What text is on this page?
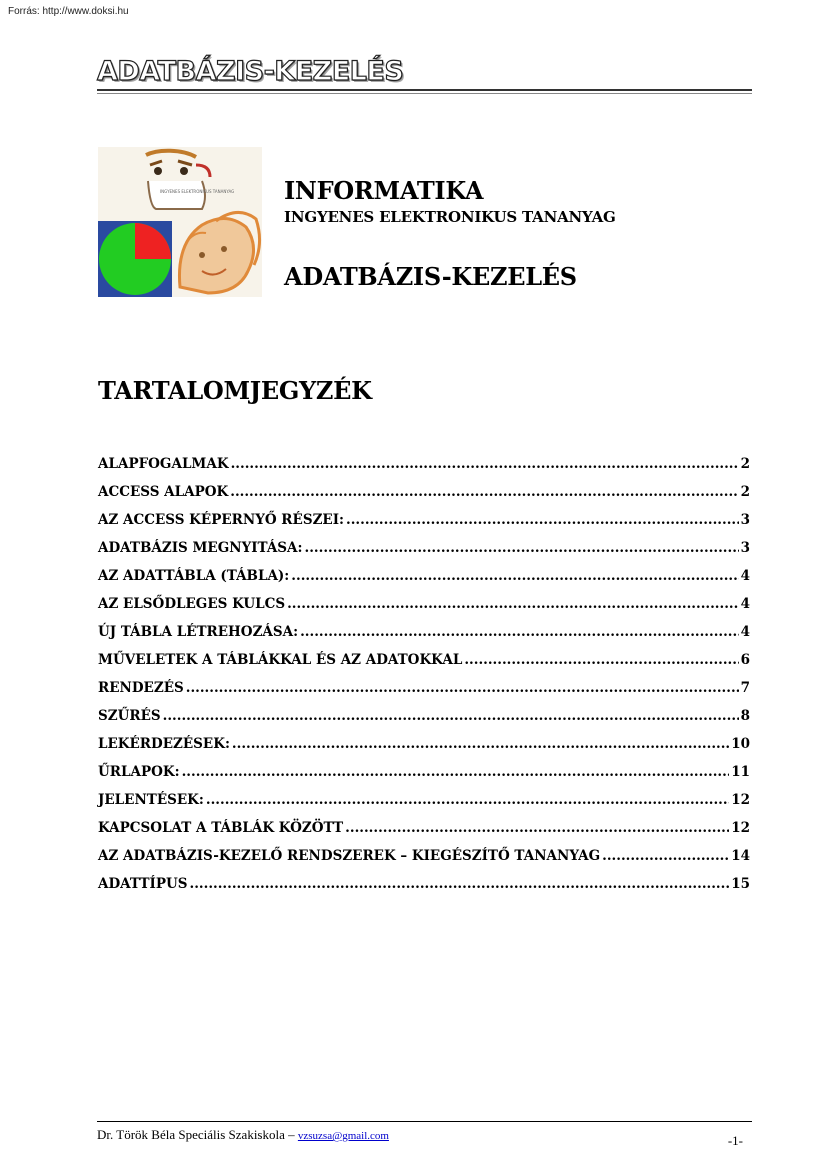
Forrás: http://www.doksi.hu
ADATBÁZIS-KEZELÉS
INGYENES ELEKTRONIKUS TANANYAG INFORMATIKA
INGYENES ELEKTRONIKUS TANANYAG
ADATBÁZIS-KEZELÉS
TARTALOMJEGYZÉK
ALAPFOGALMAK .....	2
ACCESS ALAPOK .....	2
AZ ACCESS KÉPERNYŐ RÉSZEI: .....	3
ADATBÁZIS MEGNYITÁSA: .....	3
AZ ADATTÁBLA (TÁBLA): .....	4
AZ ELSŐDLEGES KULCS .....	4
ÚJ TÁBLA LÉTREHOZÁSA: .....	4
MŰVELETEK A TÁBLÁKKAL ÉS AZ ADATOKKAL .....	6
RENDEZÉS .....	7
SZŰRÉS .....	8
LEKÉRDEZÉSEK: .....	10
ŰRLAPOK: .....	11
JELENTÉSEK: .....	12
KAPCSOLAT A TÁBLÁK KÖZÖTT .....	12
AZ ADATBÁZIS-KEZELŐ RENDSZEREK – KIEGÉSZÍTŐ TANANYAG .....	14
ADATTÍPUS .....	15
Dr. Török Béla Speciális Szakiskola – vzsuzsa@gmail.com	-1-
